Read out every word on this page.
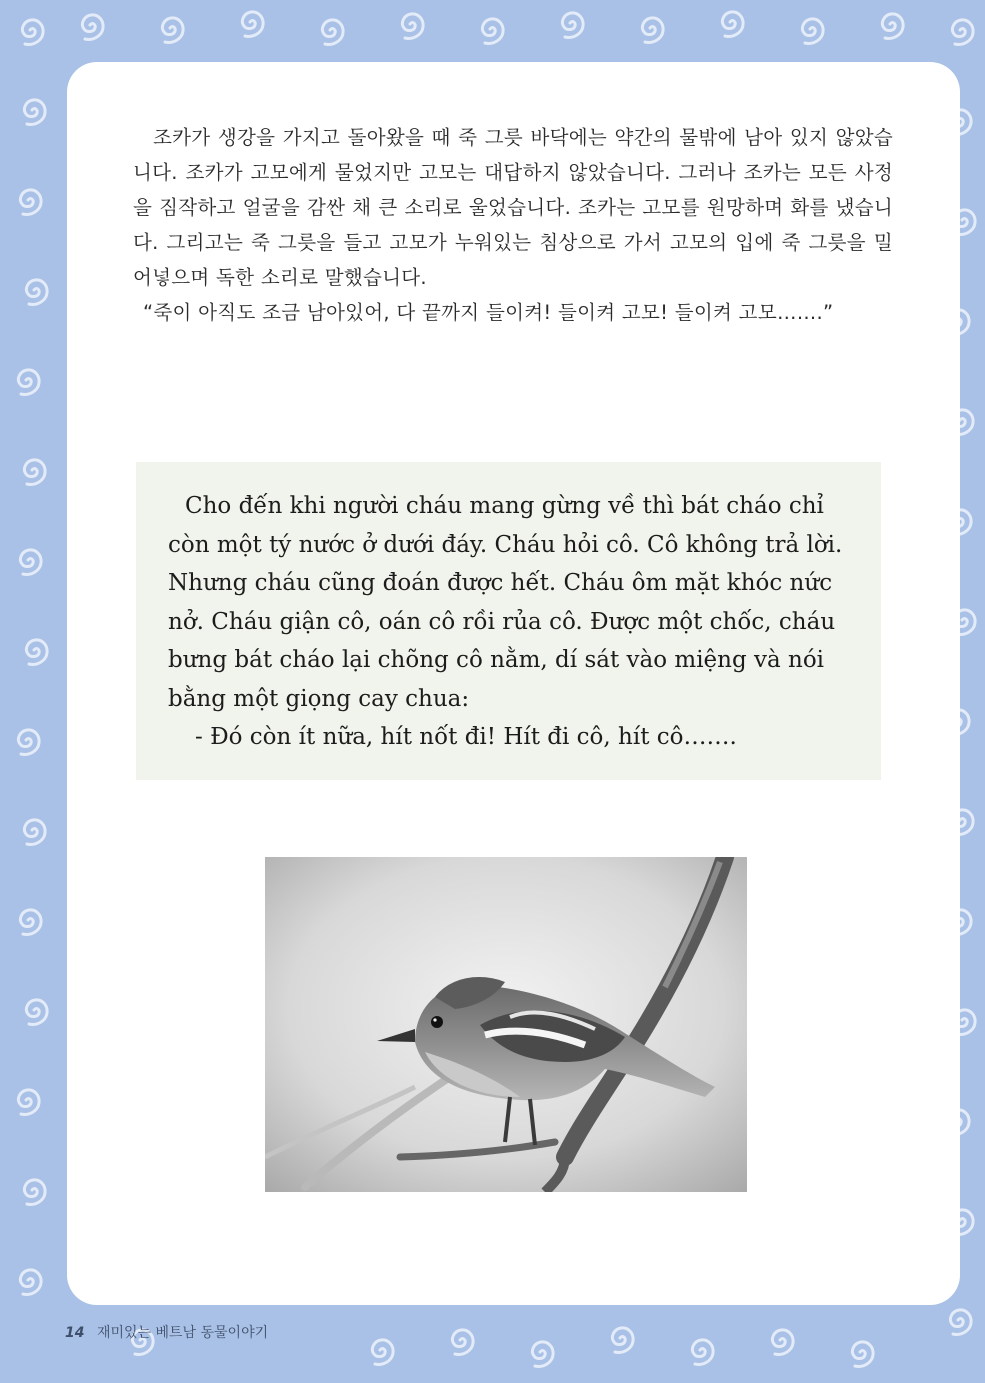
조카가 생강을 가지고 돌아왔을 때 죽 그릇 바닥에는 약간의 물밖에 남아 있지 않았습니다. 조카가 고모에게 물었지만 고모는 대답하지 않았습니다. 그러나 조카는 모든 사정을 짐작하고 얼굴을 감싼 채 큰 소리로 울었습니다. 조카는 고모를 원망하며 화를 냈습니다. 그리고는 죽 그릇을 들고 고모가 누워있는 침상으로 가서 고모의 입에 죽 그릇을 밀어넣으며 독한 소리로 말했습니다.

“죽이 아직도 조금 남아있어, 다 끝까지 들이켜! 들이켜 고모! 들이켜 고모…….”

Cho đến khi người cháu mang gừng về thì bát cháo chỉ còn một tý nước ở dưới đáy. Cháu hỏi cô. Cô không trả lời. Nhưng cháu cũng đoán được hết. Cháu ôm mặt khóc nức nở. Cháu giận cô, oán cô rồi rủa cô. Được một chốc, cháu bưng bát cháo lại chõng cô nằm, dí sát vào miệng và nói bằng một giọng cay chua:

- Đó còn ít nữa, hít nốt đi! Hít đi cô, hít cô…….

14 재미있는 베트남 동물이야기
